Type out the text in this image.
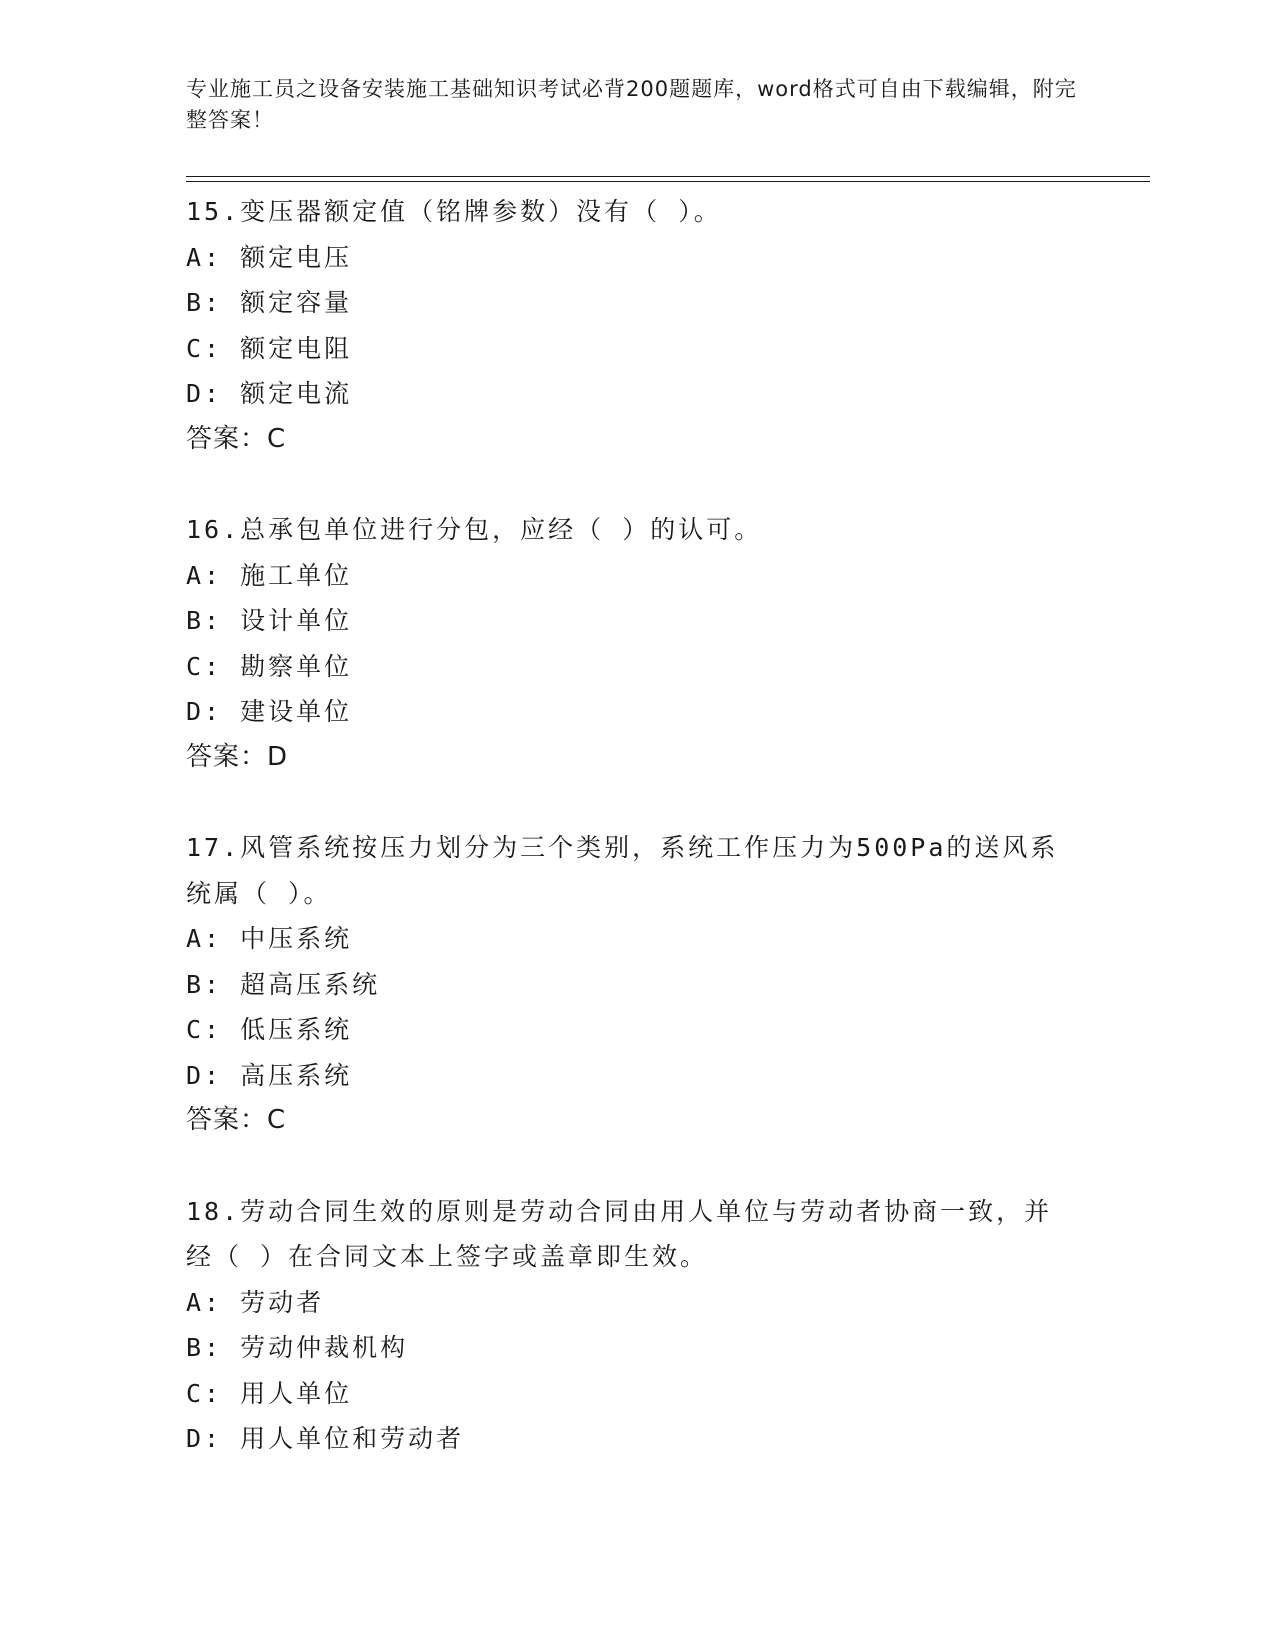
专业施工员之设备安装施工基础知识考试必背200题题库，word格式可自由下载编辑，附完整答案！
15.变压器额定值（铭牌参数）没有（ ）。
A: 额定电压
B: 额定容量
C: 额定电阻
D: 额定电流
答案：C
16.总承包单位进行分包，应经（ ）的认可。
A: 施工单位
B: 设计单位
C: 勘察单位
D: 建设单位
答案：D
17.风管系统按压力划分为三个类别，系统工作压力为500Pa的送风系统属（ ）。
A: 中压系统
B: 超高压系统
C: 低压系统
D: 高压系统
答案：C
18.劳动合同生效的原则是劳动合同由用人单位与劳动者协商一致，并经（ ）在合同文本上签字或盖章即生效。
A: 劳动者
B: 劳动仲裁机构
C: 用人单位
D: 用人单位和劳动者
